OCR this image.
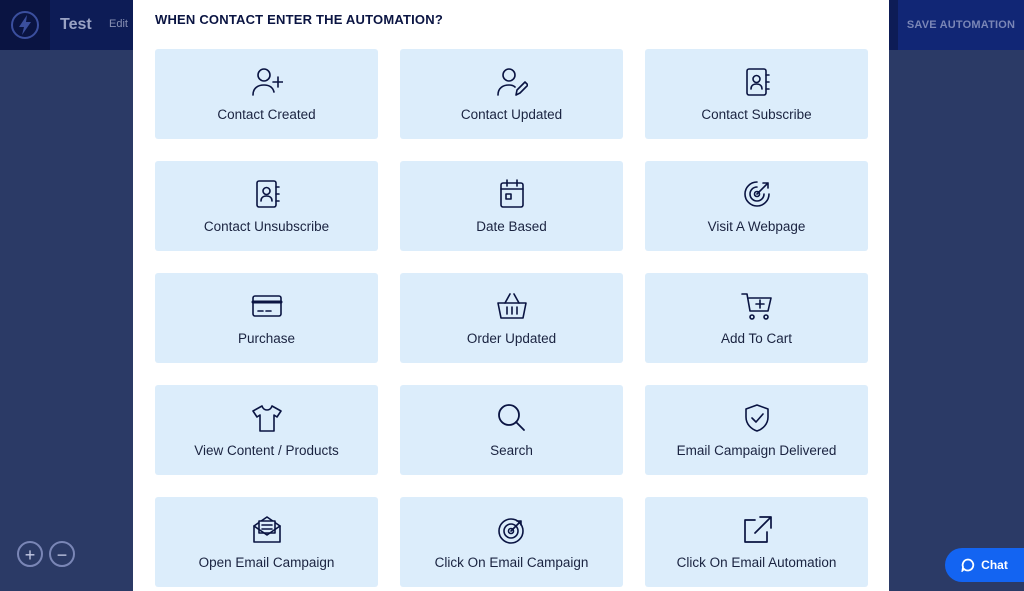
Test Edit	SAVE AUTOMATION
+	−
WHEN CONTACT ENTER THE AUTOMATION?
Contact Created	Contact Updated	Contact Subscribe
Contact Unsubscribe	Date Based	Visit A Webpage
Purchase	Order Updated	Add To Cart
View Content / Products	Search	Email Campaign Delivered
Open Email Campaign	Click On Email Campaign	Click On Email Automation	Chat
